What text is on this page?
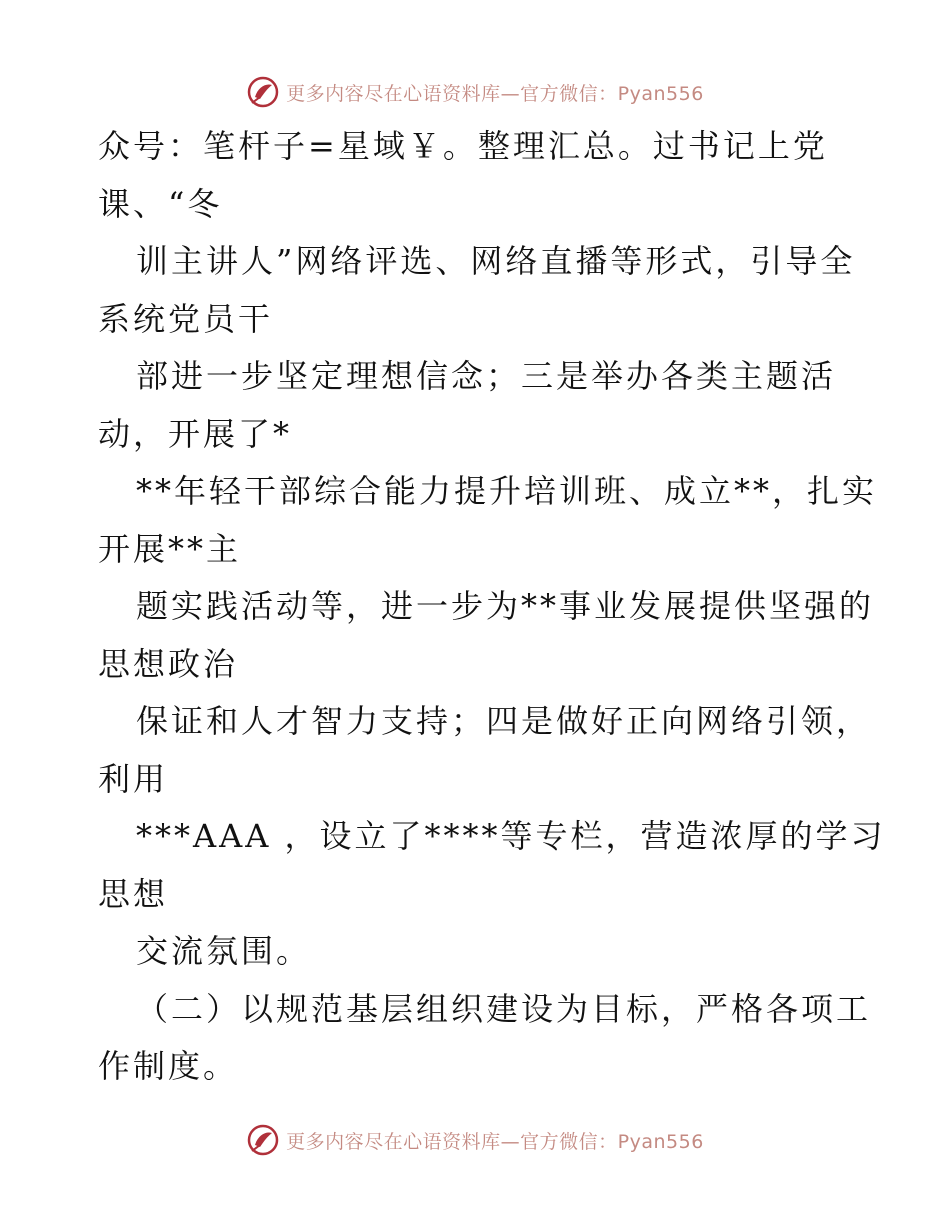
更多内容尽在心语资料库—官方微信：Pyan556
众号：笔杆子=星域￥。整理汇总。过书记上党
课、“冬
训主讲人”网络评选、网络直播等形式，引导全
系统党员干
部进一步坚定理想信念；三是举办各类主题活
动，开展了*
**年轻干部综合能力提升培训班、成立**，扎实
开展**主
题实践活动等，进一步为**事业发展提供坚强的
思想政治
保证和人才智力支持；四是做好正向网络引领，
利用
***AAA ，设立了****等专栏，营造浓厚的学习
思想
交流氛围。
（二）以规范基层组织建设为目标，严格各项工
作制度。
更多内容尽在心语资料库—官方微信：Pyan556
